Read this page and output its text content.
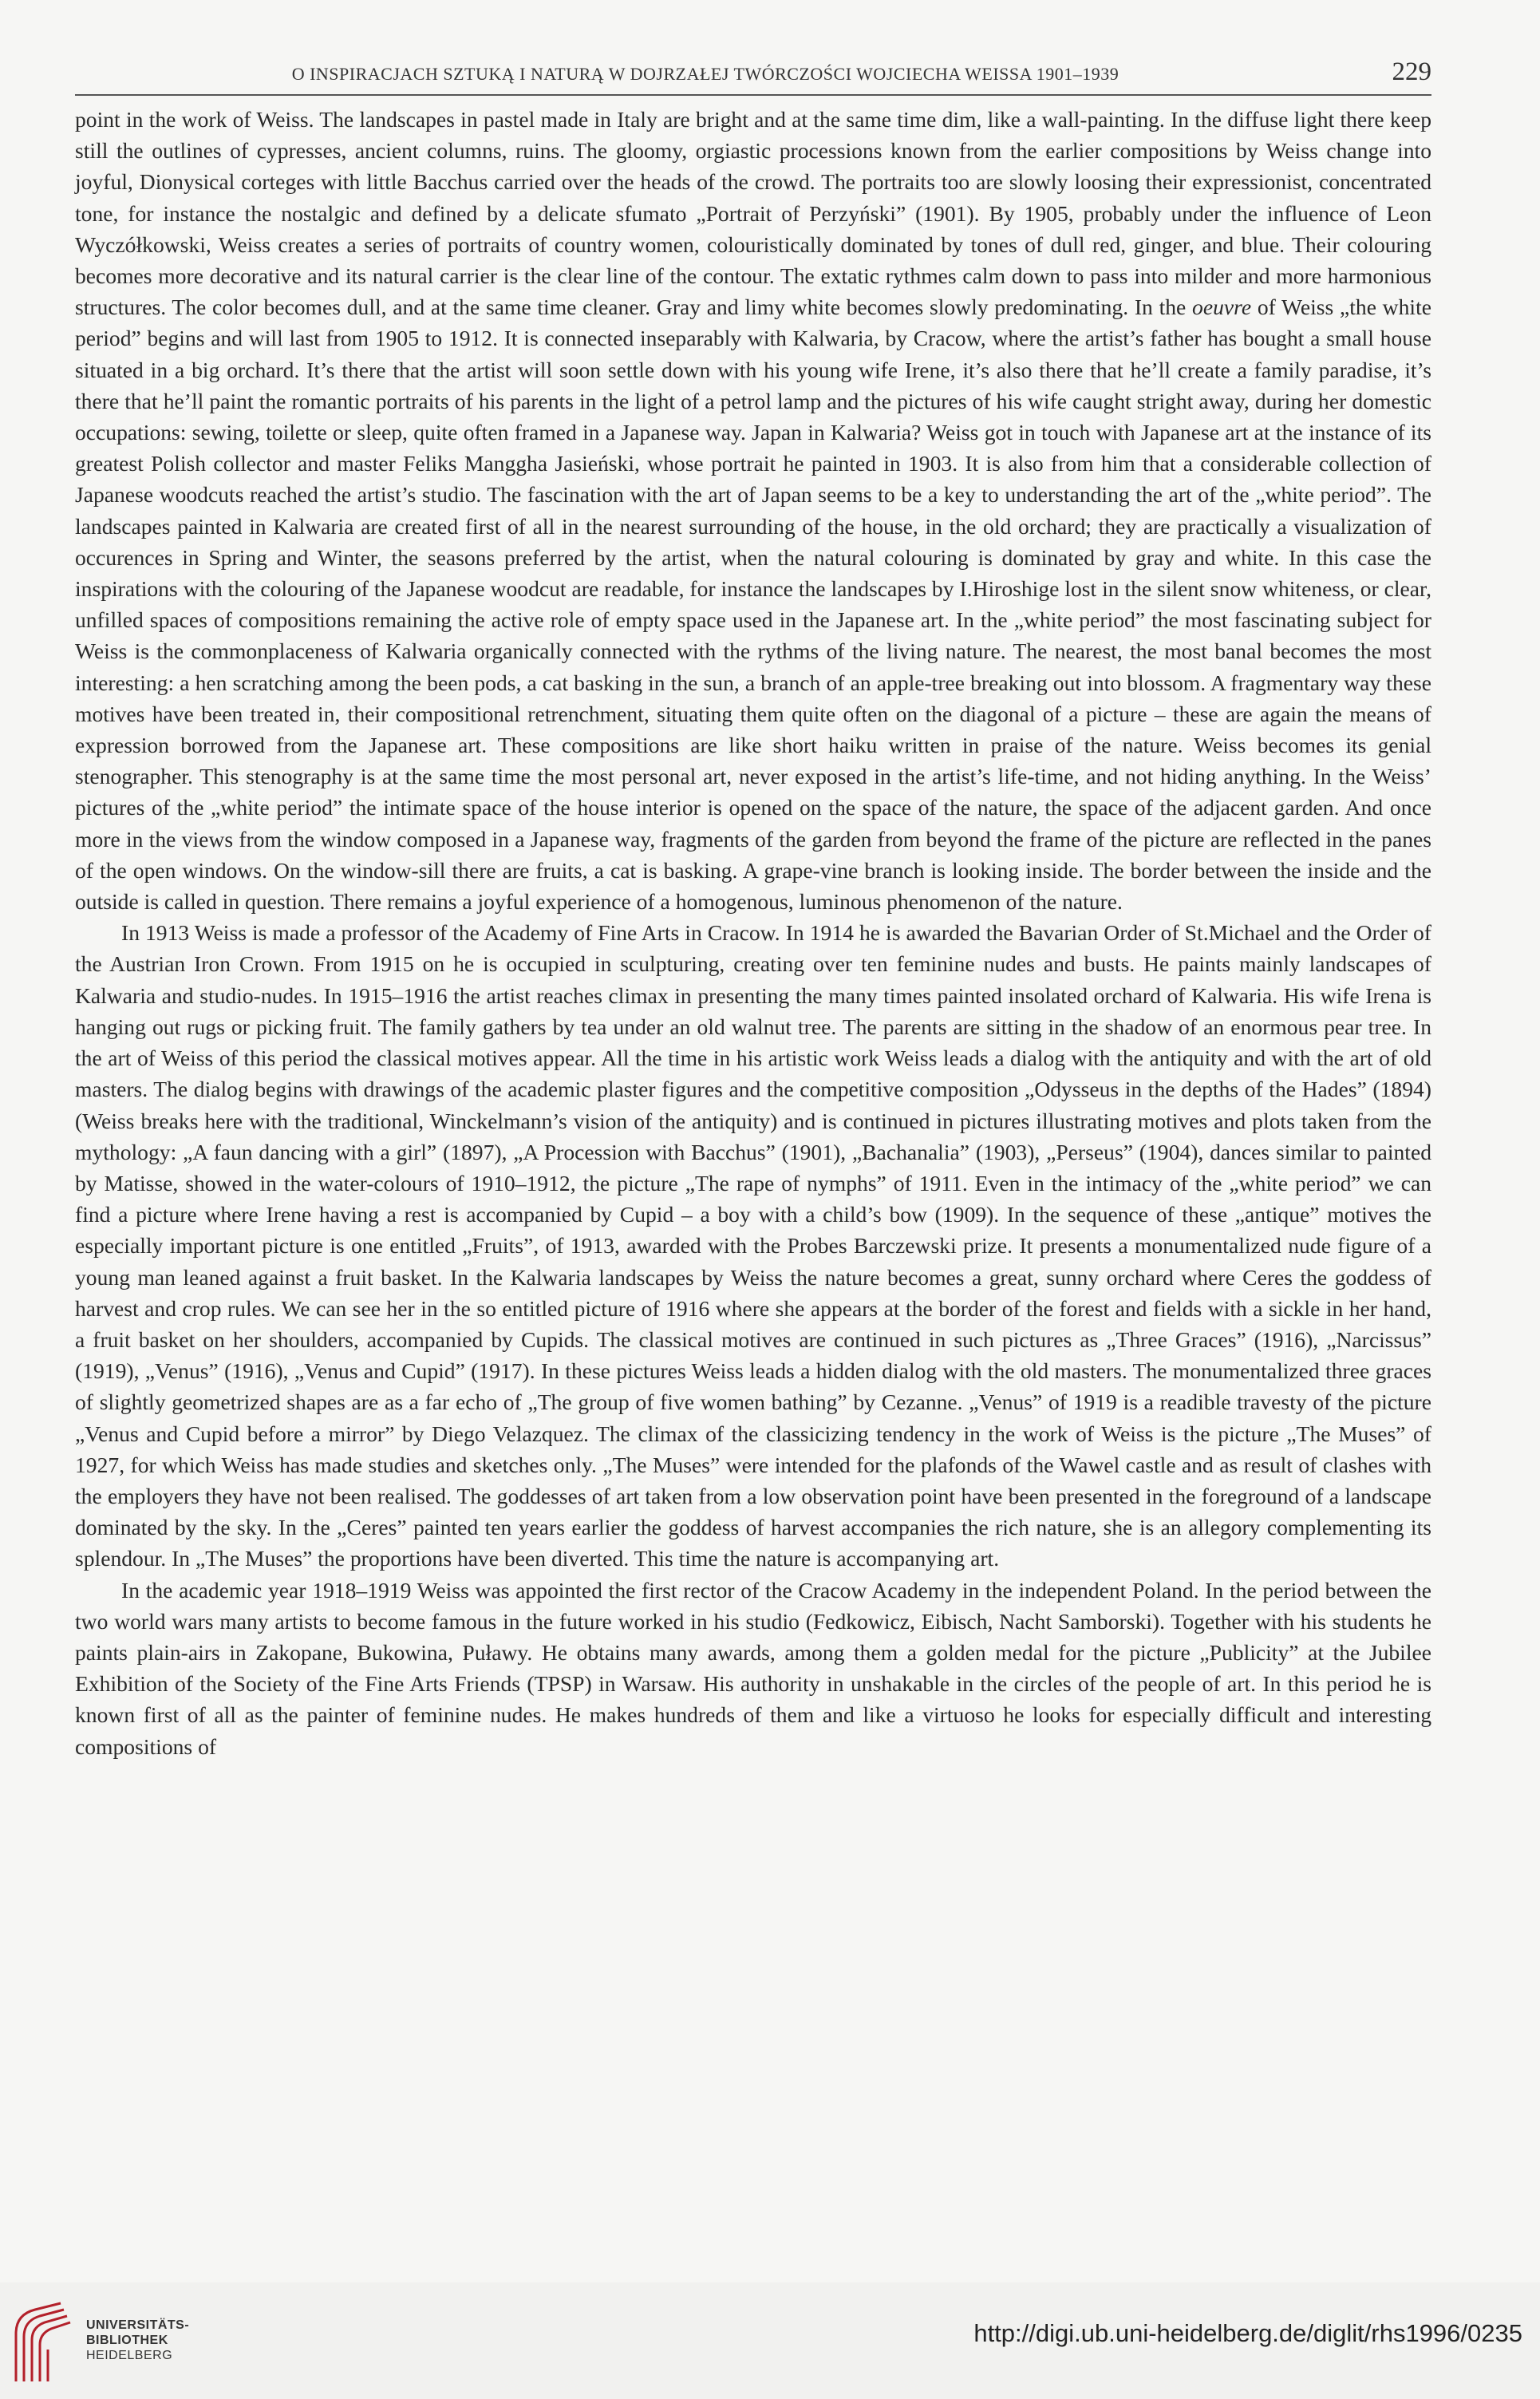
O INSPIRACJACH SZTUKĄ I NATURĄ W DOJRZAŁEJ TWÓRCZOŚCI WOJCIECHA WEISSA 1901–1939	229

point in the work of Weiss. The landscapes in pastel made in Italy are bright and at the same time dim, like a wall-painting. In the diffuse light there keep still the outlines of cypresses, ancient columns, ruins. The gloomy, orgiastic processions known from the earlier compositions by Weiss change into joyful, Dionysical corteges with little Bacchus carried over the heads of the crowd. The portraits too are slowly loosing their expressionist, concentrated tone, for instance the nostalgic and defined by a delicate sfumato „Portrait of Perzyński” (1901). By 1905, probably under the influence of Leon Wyczółkowski, Weiss creates a series of portraits of country women, colouristically dominated by tones of dull red, ginger, and blue. Their colouring becomes more decorative and its natural carrier is the clear line of the contour. The extatic rythmes calm down to pass into milder and more harmonious structures. The color becomes dull, and at the same time cleaner. Gray and limy white becomes slowly predominating. In the oeuvre of Weiss „the white period” begins and will last from 1905 to 1912. It is connected inseparably with Kalwaria, by Cracow, where the artist’s father has bought a small house situated in a big orchard. It’s there that the artist will soon settle down with his young wife Irene, it’s also there that he’ll create a family paradise, it’s there that he’ll paint the romantic portraits of his parents in the light of a petrol lamp and the pictures of his wife caught stright away, during her domestic occupations: sewing, toilette or sleep, quite often framed in a Japanese way. Japan in Kalwaria? Weiss got in touch with Japanese art at the instance of its greatest Polish collector and master Feliks Manggha Jasieński, whose portrait he painted in 1903. It is also from him that a considerable collection of Japanese woodcuts reached the artist’s studio. The fascination with the art of Japan seems to be a key to understanding the art of the „white period”. The landscapes painted in Kalwaria are created first of all in the nearest surrounding of the house, in the old orchard; they are practically a visualization of occurences in Spring and Winter, the seasons preferred by the artist, when the natural colouring is dominated by gray and white. In this case the inspirations with the colouring of the Japanese woodcut are readable, for instance the landscapes by I.Hiroshige lost in the silent snow whiteness, or clear, unfilled spaces of compositions remaining the active role of empty space used in the Japanese art. In the „white period” the most fascinating subject for Weiss is the commonplaceness of Kalwaria organically connected with the rythms of the living nature. The nearest, the most banal becomes the most interesting: a hen scratching among the been pods, a cat basking in the sun, a branch of an apple-tree breaking out into blossom. A fragmentary way these motives have been treated in, their compositional retrenchment, situating them quite often on the diagonal of a picture – these are again the means of expression borrowed from the Japanese art. These compositions are like short haiku written in praise of the nature. Weiss becomes its genial stenographer. This stenography is at the same time the most personal art, never exposed in the artist’s life-time, and not hiding anything. In the Weiss’ pictures of the „white period” the intimate space of the house interior is opened on the space of the nature, the space of the adjacent garden. And once more in the views from the window composed in a Japanese way, fragments of the garden from beyond the frame of the picture are reflected in the panes of the open windows. On the window-sill there are fruits, a cat is basking. A grape-vine branch is looking inside. The border between the inside and the outside is called in question. There remains a joyful experience of a homogenous, luminous phenomenon of the nature.

In 1913 Weiss is made a professor of the Academy of Fine Arts in Cracow. In 1914 he is awarded the Bavarian Order of St.Michael and the Order of the Austrian Iron Crown. From 1915 on he is occupied in sculpturing, creating over ten feminine nudes and busts. He paints mainly landscapes of Kalwaria and studio-nudes. In 1915–1916 the artist reaches climax in presenting the many times painted insolated orchard of Kalwaria. His wife Irena is hanging out rugs or picking fruit. The family gathers by tea under an old walnut tree. The parents are sitting in the shadow of an enormous pear tree. In the art of Weiss of this period the classical motives appear. All the time in his artistic work Weiss leads a dialog with the antiquity and with the art of old masters. The dialog begins with drawings of the academic plaster figures and the competitive composition „Odysseus in the depths of the Hades” (1894) (Weiss breaks here with the traditional, Winckelmann’s vision of the antiquity) and is continued in pictures illustrating motives and plots taken from the mythology: „A faun dancing with a girl” (1897), „A Procession with Bacchus” (1901), „Bachanalia” (1903), „Perseus” (1904), dances similar to painted by Matisse, showed in the water-colours of 1910–1912, the picture „The rape of nymphs” of 1911. Even in the intimacy of the „white period” we can find a picture where Irene having a rest is accompanied by Cupid – a boy with a child’s bow (1909). In the sequence of these „antique” motives the especially important picture is one entitled „Fruits”, of 1913, awarded with the Probes Barczewski prize. It presents a monumentalized nude figure of a young man leaned against a fruit basket. In the Kalwaria landscapes by Weiss the nature becomes a great, sunny orchard where Ceres the goddess of harvest and crop rules. We can see her in the so entitled picture of 1916 where she appears at the border of the forest and fields with a sickle in her hand, a fruit basket on her shoulders, accompanied by Cupids. The classical motives are continued in such pictures as „Three Graces” (1916), „Narcissus” (1919), „Venus” (1916), „Venus and Cupid” (1917). In these pictures Weiss leads a hidden dialog with the old masters. The monumentalized three graces of slightly geometrized shapes are as a far echo of „The group of five women bathing” by Cezanne. „Venus” of 1919 is a readible travesty of the picture „Venus and Cupid before a mirror” by Diego Velazquez. The climax of the classicizing tendency in the work of Weiss is the picture „The Muses” of 1927, for which Weiss has made studies and sketches only. „The Muses” were intended for the plafonds of the Wawel castle and as result of clashes with the employers they have not been realised. The goddesses of art taken from a low observation point have been presented in the foreground of a landscape dominated by the sky. In the „Ceres” painted ten years earlier the goddess of harvest accompanies the rich nature, she is an allegory complementing its splendour. In „The Muses” the proportions have been diverted. This time the nature is accompanying art.

In the academic year 1918–1919 Weiss was appointed the first rector of the Cracow Academy in the independent Poland. In the period between the two world wars many artists to become famous in the future worked in his studio (Fedkowicz, Eibisch, Nacht Samborski). Together with his students he paints plain-airs in Zakopane, Bukowina, Puławy. He obtains many awards, among them a golden medal for the picture „Publicity” at the Jubilee Exhibition of the Society of the Fine Arts Friends (TPSP) in Warsaw. His authority in unshakable in the circles of the people of art. In this period he is known first of all as the painter of feminine nudes. He makes hundreds of them and like a virtuoso he looks for especially difficult and interesting compositions of

UNIVERSITÄTS-
BIBLIOTHEK
HEIDELBERG
http://digi.ub.uni-heidelberg.de/diglit/rhs1996/0235
